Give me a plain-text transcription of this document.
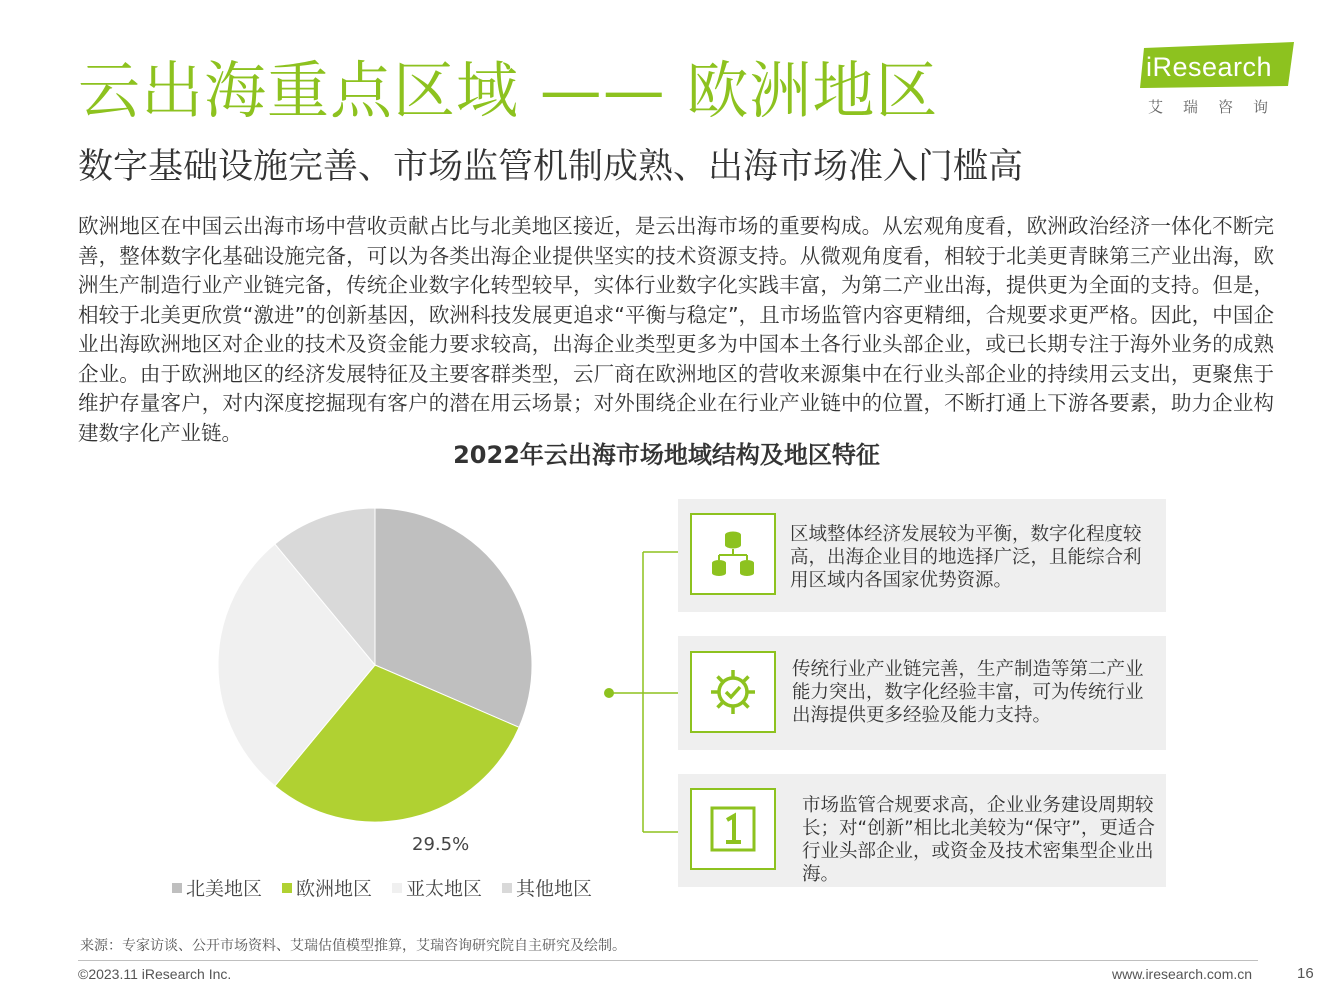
云出海重点区域 —— 欧洲地区
数字基础设施完善、市场监管机制成熟、出海市场准入门槛高
iResearch
艾瑞咨询

欧洲地区在中国云出海市场中营收贡献占比与北美地区接近，是云出海市场的重要构成。从宏观角度看，欧洲政治经济一体化不断完善，整体数字化基础设施完备，可以为各类出海企业提供坚实的技术资源支持。从微观角度看，相较于北美更青睐第三产业出海，欧洲生产制造行业产业链完备，传统企业数字化转型较早，实体行业数字化实践丰富，为第二产业出海，提供更为全面的支持。但是，相较于北美更欣赏“激进”的创新基因，欧洲科技发展更追求“平衡与稳定”，且市场监管内容更精细，合规要求更严格。因此，中国企业出海欧洲地区对企业的技术及资金能力要求较高，出海企业类型更多为中国本土各行业头部企业，或已长期专注于海外业务的成熟企业。由于欧洲地区的经济发展特征及主要客群类型，云厂商在欧洲地区的营收来源集中在行业头部企业的持续用云支出，更聚焦于维护存量客户，对内深度挖掘现有客户的潜在用云场景；对外围绕企业在行业产业链中的位置，不断打通上下游各要素，助力企业构建数字化产业链。

2022年云出海市场地域结构及地区特征
29.5%
北美地区 欧洲地区 亚太地区 其他地区
区域整体经济发展较为平衡，数字化程度较高，出海企业目的地选择广泛，且能综合利用区域内各国家优势资源。
传统行业产业链完善，生产制造等第二产业能力突出，数字化经验丰富，可为传统行业出海提供更多经验及能力支持。
市场监管合规要求高，企业业务建设周期较长；对“创新”相比北美较为“保守”，更适合行业头部企业，或资金及技术密集型企业出海。
来源：专家访谈、公开市场资料、艾瑞估值模型推算，艾瑞咨询研究院自主研究及绘制。
©2023.11 iResearch Inc.	www.iresearch.com.cn	16
